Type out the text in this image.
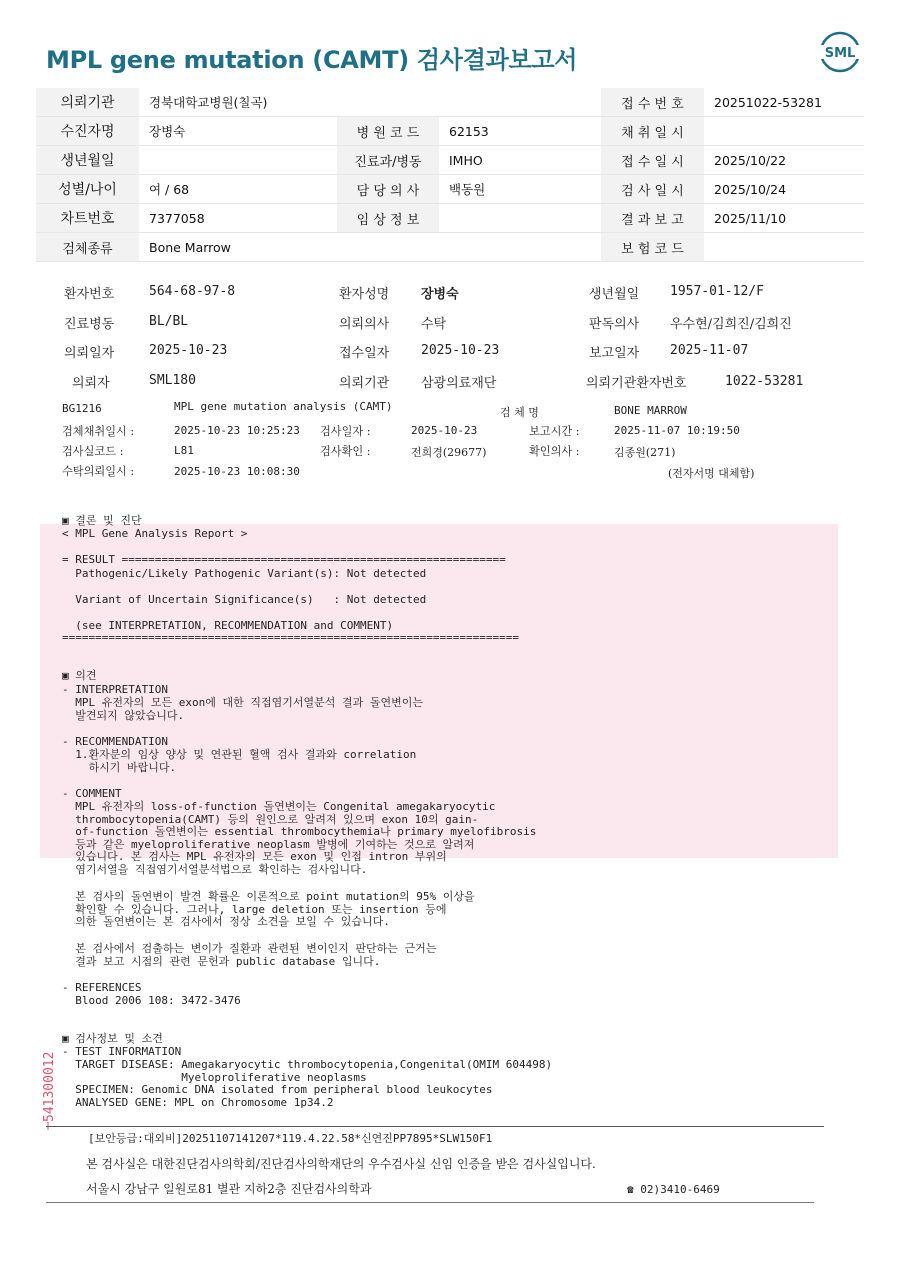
MPL gene mutation (CAMT) 검사결과보고서	SML
의뢰기관	경북대학교병원(칠곡)			접 수 번 호	20251022-53281
수진자명	장병숙	병 원 코 드	62153	채 취 일 시	
생년월일		진료과/병동	IMHO	접 수 일 시	2025/10/22
성별/나이	여 / 68	담 당 의 사	백동원	검 사 일 시	2025/10/24
차트번호	7377058	임 상 정 보		결 과 보 고	2025/11/10
검체종류	Bone Marrow			보 험 코 드	
환자번호	564-68-97-8	환자성명 장병숙	생년월일 1957-01-12/F
진료병동	BL/BL	의뢰의사 수탁	판독의사 우수현/김희진/김희진
의뢰일자	2025-10-23	접수일자 2025-10-23	보고일자 2025-11-07
의뢰자	SML180	의뢰기관 삼광의료재단	의뢰기관환자번호	1022-53281
BG1216	MPL gene mutation analysis (CAMT)	검 체 명	BONE MARROW
검체채취일시 :	2025-10-23 10:25:23 검사일자 :	2025-10-23	보고시간 :	2025-11-07 10:19:50
검사실코드 :	L81	검사확인 :	전희경(29677)	확인의사 :	김종원(271)
수탁의뢰일시 :	2025-10-23 10:08:30	(전자서명 대체함)
▣ 결론 및 진단
< MPL Gene Analysis Report >
= RESULT ==========================================================
Pathogenic/Likely Pathogenic Variant(s): Not detected
Variant of Uncertain Significance(s)   : Not detected
(see INTERPRETATION, RECOMMENDATION and COMMENT)
=====================================================================
▣ 의견
- INTERPRETATION
MPL 유전자의 모든 exon에 대한 직접염기서열분석 결과 돌연변이는
발견되지 않았습니다.
- RECOMMENDATION
1.환자분의 임상 양상 및 연관된 혈액 검사 결과와 correlation
하시기 바랍니다.
- COMMENT
MPL 유전자의 loss-of-function 돌연변이는 Congenital amegakaryocytic
thrombocytopenia(CAMT) 등의 원인으로 알려져 있으며 exon 10의 gain-
of-function 돌연변이는 essential thrombocythemia나 primary myelofibrosis
등과 같은 myeloproliferative neoplasm 발병에 기여하는 것으로 알려져
있습니다. 본 검사는 MPL 유전자의 모든 exon 및 인접 intron 부위의
염기서열을 직접염기서열분석법으로 확인하는 검사입니다.
본 검사의 돌연변이 발견 확률은 이론적으로 point mutation의 95% 이상을
확인할 수 있습니다. 그러나, large deletion 또는 insertion 등에
의한 돌연변이는 본 검사에서 정상 소견을 보일 수 있습니다.
본 검사에서 검출하는 변이가 질환과 관련된 변이인지 판단하는 근거는
결과 보고 시점의 관련 문헌과 public database 입니다.
- REFERENCES
Blood 2006 108: 3472-3476
▣ 검사정보 및 소견
- TEST INFORMATION
TARGET DISEASE: Amegakaryocytic thrombocytopenia,Congenital(OMIM 604498)
Myeloproliferative neoplasms
SPECIMEN: Genomic DNA isolated from peripheral blood leukocytes
ANALYSED GENE: MPL on Chromosome 1p34.2
541300012
[보안등급:대외비]20251107141207*119.4.22.58*신연진PP7895*SLW150F1
본 검사실은 대한진단검사의학회/진단검사의학재단의 우수검사실 신임 인증을 받은 검사실입니다.
서울시 강남구 일원로81 별관 지하2층 진단검사의학과	☎ 02)3410-6469
